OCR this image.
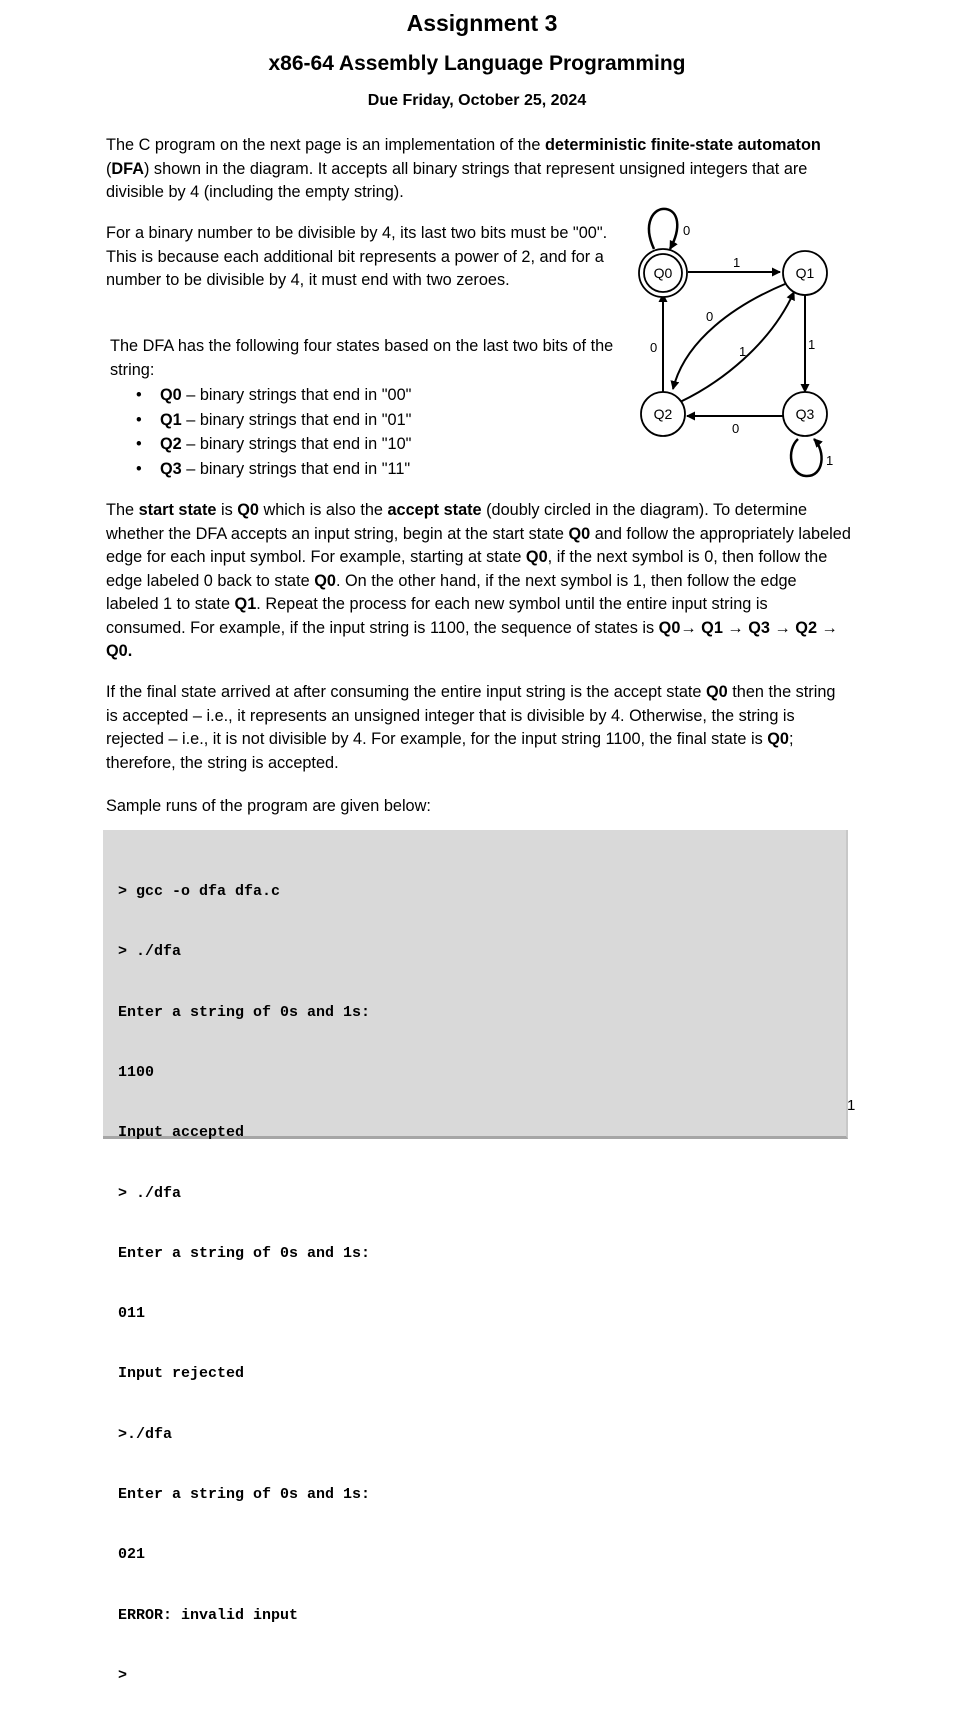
Assignment 3
x86-64 Assembly Language Programming
Due Friday, October 25, 2024

The C program on the next page is an implementation of the deterministic finite-state automaton (DFA) shown in the diagram. It accepts all binary strings that represent unsigned integers that are divisible by 4 (including the empty string).

For a binary number to be divisible by 4, its last two bits must be "00". This is because each additional bit represents a power of 2, and for a number to be divisible by 4, it must end with two zeroes.

The DFA has the following four states based on the last two bits of the string:

• Q0 – binary strings that end in "00"
• Q1 – binary strings that end in "01"
• Q2 – binary strings that end in "10"
• Q3 – binary strings that end in "11"
0
1
0
1
0	1
0
1
Q0	Q1
Q2	Q3

The start state is Q0 which is also the accept state (doubly circled in the diagram). To determine whether the DFA accepts an input string, begin at the start state Q0 and follow the appropriately labeled edge for each input symbol. For example, starting at state Q0, if the next symbol is 0, then follow the edge labeled 0 back to state Q0. On the other hand, if the next symbol is 1, then follow the edge labeled 1 to state Q1. Repeat the process for each new symbol until the entire input string is consumed. For example, if the input string is 1100, the sequence of states is Q0→ Q1 → Q3 → Q2 → Q0.

If the final state arrived at after consuming the entire input string is the accept state Q0 then the string is accepted – i.e., it represents an unsigned integer that is divisible by 4. Otherwise, the string is rejected – i.e., it is not divisible by 4. For example, for the input string 1100, the final state is Q0; therefore, the string is accepted.

Sample runs of the program are given below:

> gcc -o dfa dfa.c

> ./dfa

Enter a string of 0s and 1s:

1100

Input accepted

> ./dfa

Enter a string of 0s and 1s:

011

Input rejected

>./dfa

Enter a string of 0s and 1s:

021

ERROR: invalid input

>

1
